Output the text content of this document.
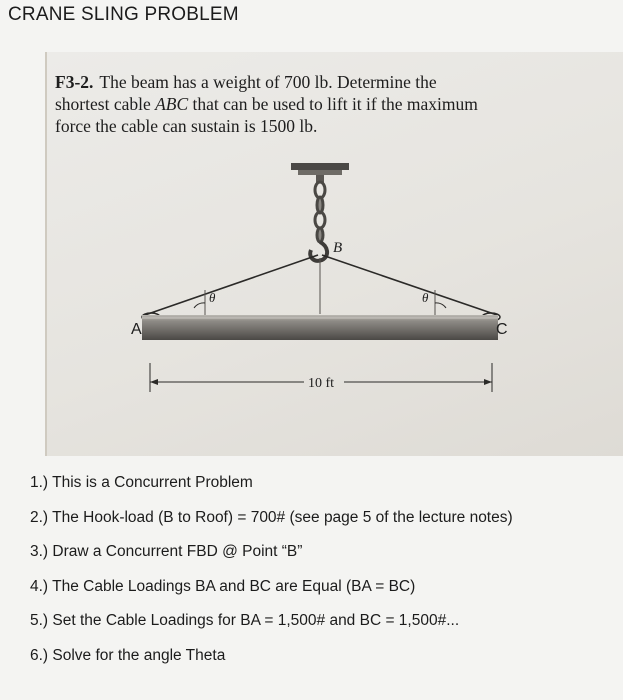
CRANE SLING PROBLEM
F3-2. The beam has a weight of 700 lb. Determine the
shortest cable ABC that can be used to lift it if the maximum
force the cable can sustain is 1500 lb.
A
B
C
θ	θ
10 ft
1.) This is a Concurrent Problem
2.) The Hook-load (B to Roof) = 700# (see page 5 of the lecture notes)
3.) Draw a Concurrent FBD @ Point “B”
4.) The Cable Loadings BA and BC are Equal (BA = BC)
5.) Set the Cable Loadings for BA = 1,500# and BC = 1,500#...
6.) Solve for the angle Theta
